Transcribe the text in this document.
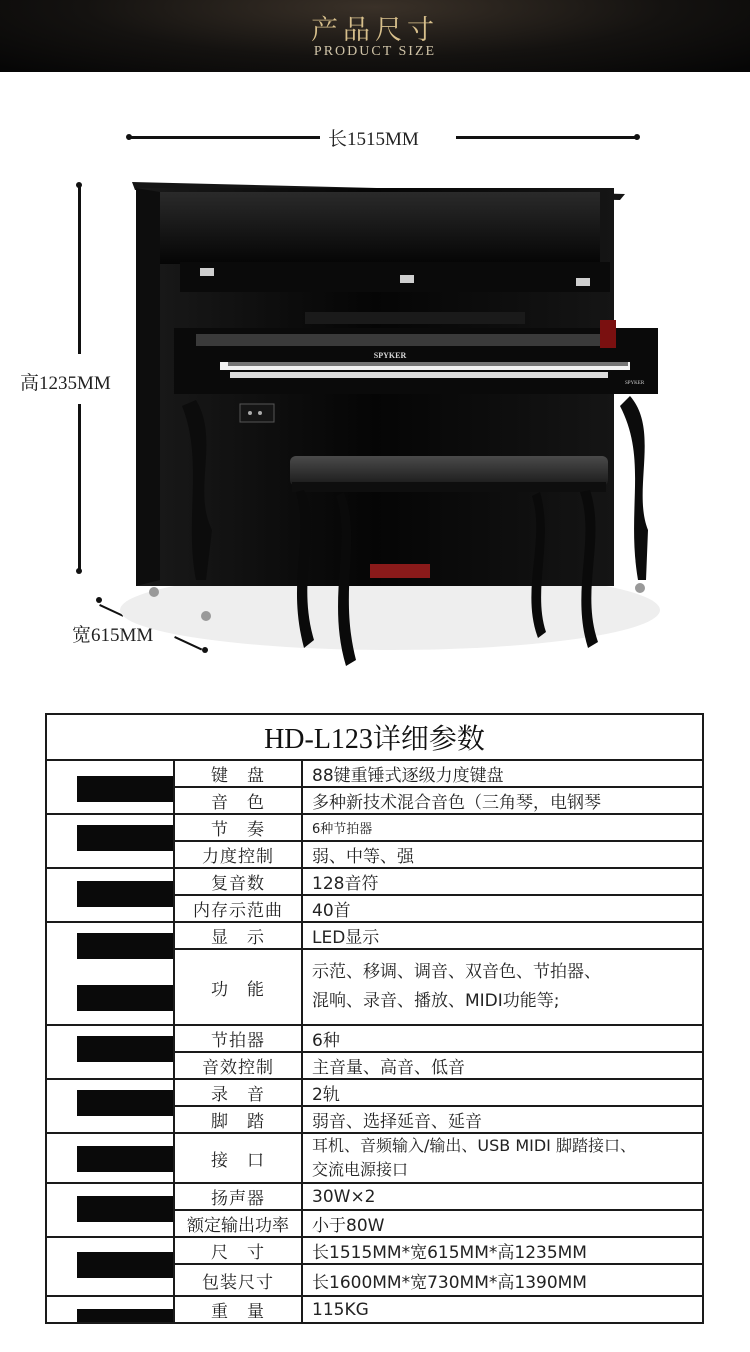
产品尺寸
PRODUCT SIZE
长1515MM
高1235MM
宽615MM
SPYKER
SPYKER
HD-L123详细参数		

	键　盘	88键重锤式逐级力度键盘
	音　色	多种新技术混合音色（三角琴，电钢琴

	节　奏	6种节拍器
	力度控制	弱、中等、强

	复音数	128音符
	内存示范曲	40首

	显　示	LED显示
	功　能	示范、移调、调音、双音色、节拍器、
混响、录音、播放、MIDI功能等;

	节拍器	6种
	音效控制	主音量、高音、低音

	录　音	2轨
	脚　踏	弱音、选择延音、延音

	接　口	耳机、音频输入/输出、USB MIDI 脚踏接口、
交流电源接口

	扬声器	30W×2
	额定输出功率	小于80W

	尺　寸	长1515MM*宽615MM*高1235MM
	包装尺寸	长1600MM*宽730MM*高1390MM

	重　量	115KG
